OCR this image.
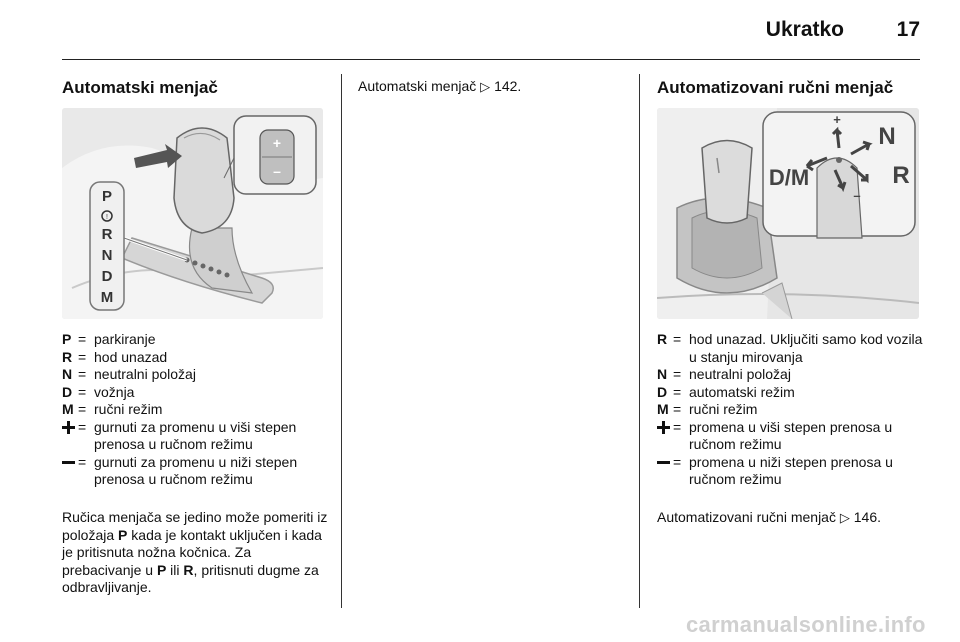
Ukratko	17
Automatski menjač
!
P
R
N
D
M
+
–
P = parkiranje
R = hod unazad
N = neutralni položaj
D = vožnja
M = ručni režim
= gurnuti za promenu u viši stepen prenosa u ručnom režimu
= gurnuti za promenu u niži stepen prenosa u ručnom režimu
Ručica menjača se jedino može pomeriti iz položaja P kada je kontakt uključen i kada je pritisnuta nožna kočnica. Za prebacivanje u P ili R, pritisnuti dugme za odbravljivanje.
Automatski menjač ▷ 142.	Automatizovani ručni menjač
N
R
D/M
+
–
R = hod unazad. Uključiti samo kod vozila u stanju mirovanja
N = neutralni položaj
D = automatski režim
M = ručni režim
= promena u viši stepen prenosa u ručnom režimu
= promena u niži stepen prenosa u ručnom režimu
Automatizovani ručni menjač ▷ 146.
carmanualsonline.info
